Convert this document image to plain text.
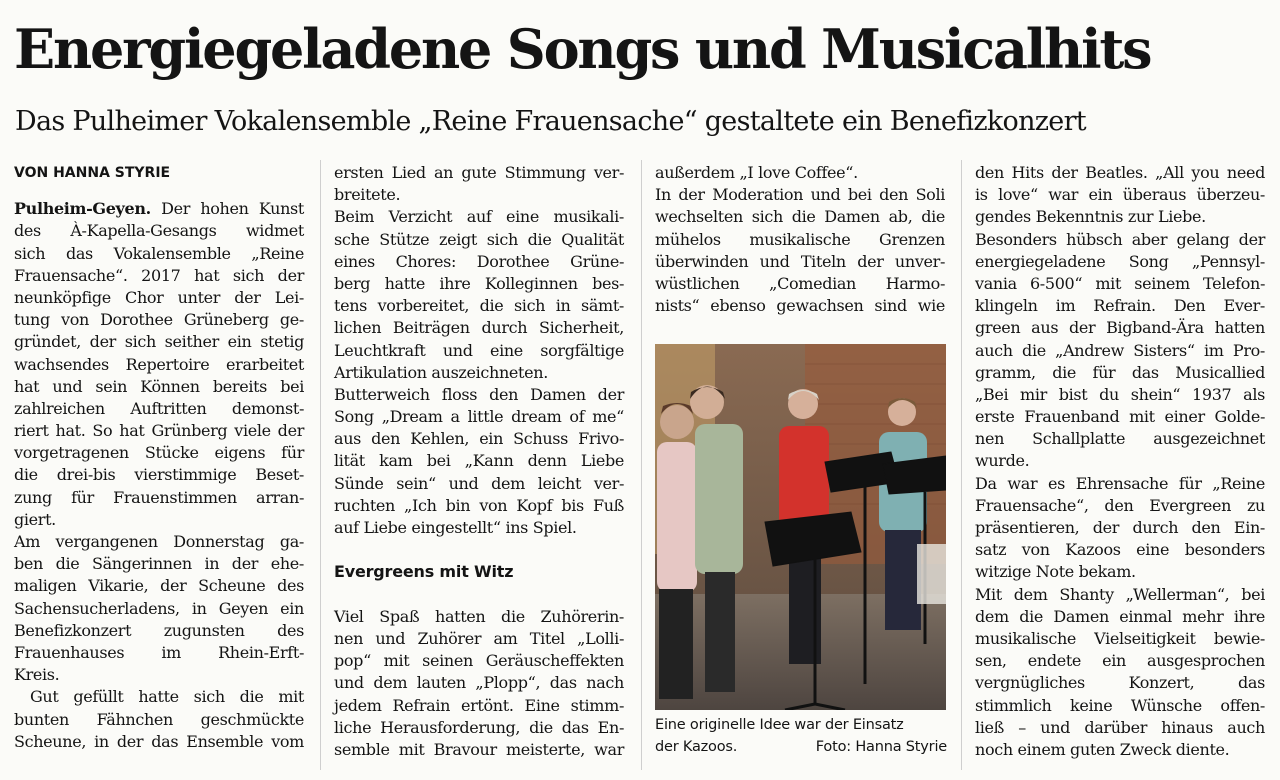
Energiegeladene Songs und Musicalhits
Das Pulheimer Vokalensemble „Reine Frauensache“ gestaltete ein Benefizkonzert
VON HANNA STYRIE
Pulheim-Geyen. Der hohen Kunst
des À-Kapella-Gesangs widmet
sich das Vokalensemble „Reine
Frauensache“. 2017 hat sich der
neunköpfige Chor unter der Lei-
tung von Dorothee Grüneberg ge-
gründet, der sich seither ein stetig
wachsendes Repertoire erarbeitet
hat und sein Können bereits bei
zahlreichen Auftritten demonst-
riert hat. So hat Grünberg viele der
vorgetragenen Stücke eigens für
die drei-bis vierstimmige Beset-
zung für Frauenstimmen arran-
giert.
Am vergangenen Donnerstag ga-
ben die Sängerinnen in der ehe-
maligen Vikarie, der Scheune des
Sachensucherladens, in Geyen ein
Benefizkonzert zugunsten des
Frauenhauses im Rhein-Erft-
Kreis.
Gut gefüllt hatte sich die mit
bunten Fähnchen geschmückte
Scheune, in der das Ensemble vom
ersten Lied an gute Stimmung ver-
breitete.
Beim Verzicht auf eine musikali-
sche Stütze zeigt sich die Qualität
eines Chores: Dorothee Grüne-
berg hatte ihre Kolleginnen bes-
tens vorbereitet, die sich in sämt-
lichen Beiträgen durch Sicherheit,
Leuchtkraft und eine sorgfältige
Artikulation auszeichneten.
Butterweich floss den Damen der
Song „Dream a little dream of me“
aus den Kehlen, ein Schuss Frivo-
lität kam bei „Kann denn Liebe
Sünde sein“ und dem leicht ver-
ruchten „Ich bin von Kopf bis Fuß
auf Liebe eingestellt“ ins Spiel.
Evergreens mit Witz
Viel Spaß hatten die Zuhörerin-
nen und Zuhörer am Titel „Lolli-
pop“ mit seinen Geräuscheffekten
und dem lauten „Plopp“, das nach
jedem Refrain ertönt. Eine stimm-
liche Herausforderung, die das En-
semble mit Bravour meisterte, war
außerdem „I love Coffee“.
In der Moderation und bei den Soli
wechselten sich die Damen ab, die
mühelos musikalische Grenzen
überwinden und Titeln der unver-
wüstlichen „Comedian Harmo-
nists“ ebenso gewachsen sind wie
Eine originelle Idee war der Einsatz
der Kazoos.	Foto: Hanna Styrie
den Hits der Beatles. „All you need
is love“ war ein überaus überzeu-
gendes Bekenntnis zur Liebe.
Besonders hübsch aber gelang der
energiegeladene Song „Pennsyl-
vania 6-500“ mit seinem Telefon-
klingeln im Refrain. Den Ever-
green aus der Bigband-Ära hatten
auch die „Andrew Sisters“ im Pro-
gramm, die für das Musicallied
„Bei mir bist du shein“ 1937 als
erste Frauenband mit einer Golde-
nen Schallplatte ausgezeichnet
wurde.
Da war es Ehrensache für „Reine
Frauensache“, den Evergreen zu
präsentieren, der durch den Ein-
satz von Kazoos eine besonders
witzige Note bekam.
Mit dem Shanty „Wellerman“, bei
dem die Damen einmal mehr ihre
musikalische Vielseitigkeit bewie-
sen, endete ein ausgesprochen
vergnügliches Konzert, das
stimmlich keine Wünsche offen-
ließ – und darüber hinaus auch
noch einem guten Zweck diente.
